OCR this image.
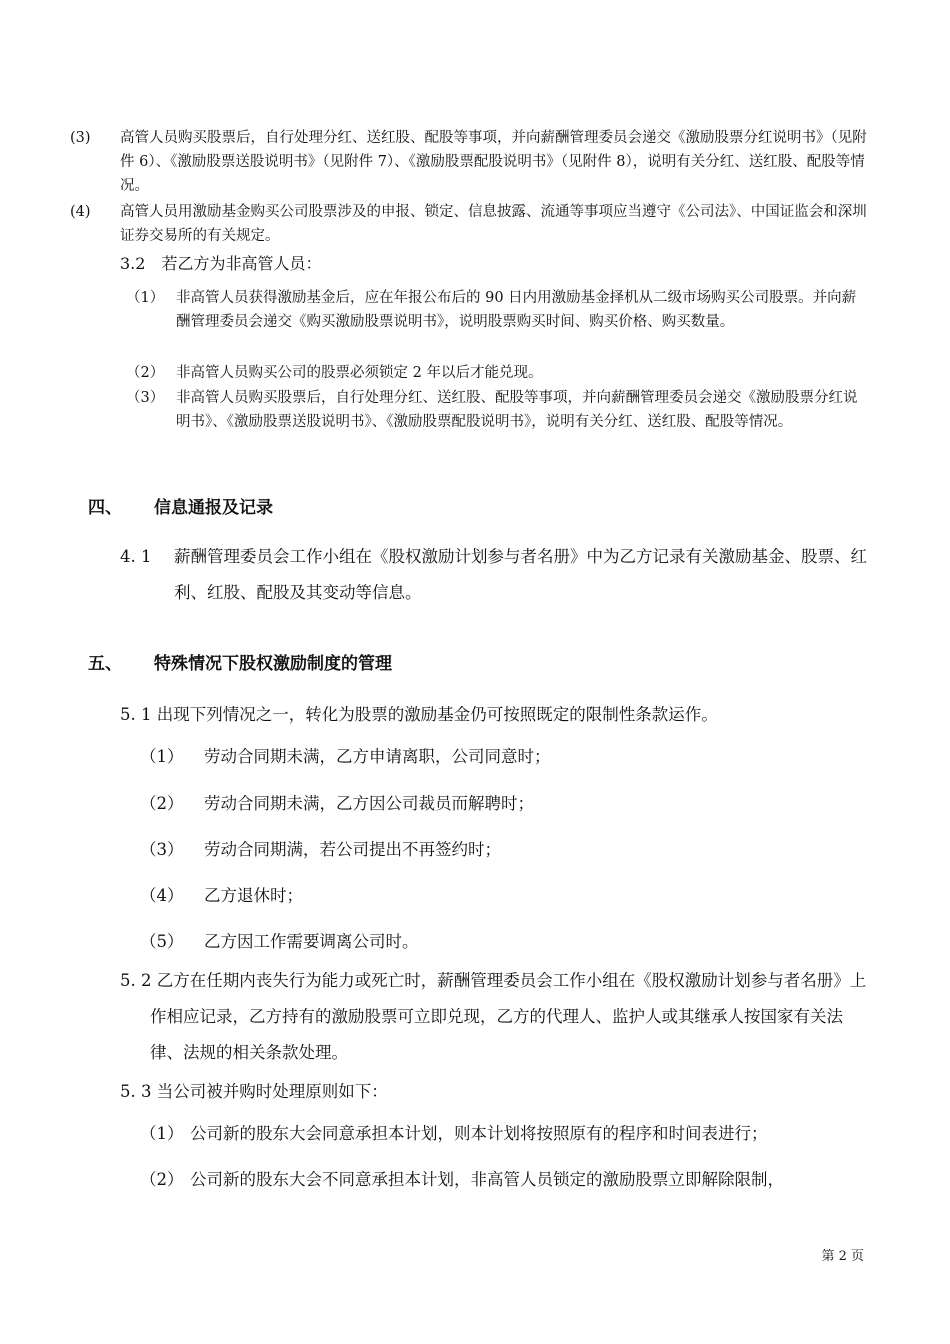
(3) 高管人员购买股票后，自行处理分红、送红股、配股等事项，并向薪酬管理委员会递交《激励股票分红说明书》（见附件 6）、《激励股票送股说明书》（见附件 7）、《激励股票配股说明书》（见附件 8），说明有关分红、送红股、配股等情况。
(4) 高管人员用激励基金购买公司股票涉及的申报、锁定、信息披露、流通等事项应当遵守《公司法》、中国证监会和深圳证券交易所的有关规定。
3.2　若乙方为非高管人员：
（1） 非高管人员获得激励基金后，应在年报公布后的 90 日内用激励基金择机从二级市场购买公司股票。并向薪酬管理委员会递交《购买激励股票说明书》，说明股票购买时间、购买价格、购买数量。
（2） 非高管人员购买公司的股票必须锁定 2 年以后才能兑现。
（3） 非高管人员购买股票后，自行处理分红、送红股、配股等事项，并向薪酬管理委员会递交《激励股票分红说明书》、《激励股票送股说明书》、《激励股票配股说明书》，说明有关分红、送红股、配股等情况。
四、 信息通报及记录
4. 1	薪酬管理委员会工作小组在《股权激励计划参与者名册》中为乙方记录有关激励基金、股票、红利、红股、配股及其变动等信息。
五、 特殊情况下股权激励制度的管理
5. 1 出现下列情况之一，转化为股票的激励基金仍可按照既定的限制性条款运作。
（1） 劳动合同期未满，乙方申请离职，公司同意时；
（2） 劳动合同期未满，乙方因公司裁员而解聘时；
（3） 劳动合同期满，若公司提出不再签约时；
（4） 乙方退休时；
（5） 乙方因工作需要调离公司时。
5. 2 乙方在任期内丧失行为能力或死亡时，薪酬管理委员会工作小组在《股权激励计划参与者名册》上作相应记录，乙方持有的激励股票可立即兑现，乙方的代理人、监护人或其继承人按国家有关法律、法规的相关条款处理。
5. 3 当公司被并购时处理原则如下：
（1） 公司新的股东大会同意承担本计划，则本计划将按照原有的程序和时间表进行；
（2） 公司新的股东大会不同意承担本计划，非高管人员锁定的激励股票立即解除限制，
第 2 页
